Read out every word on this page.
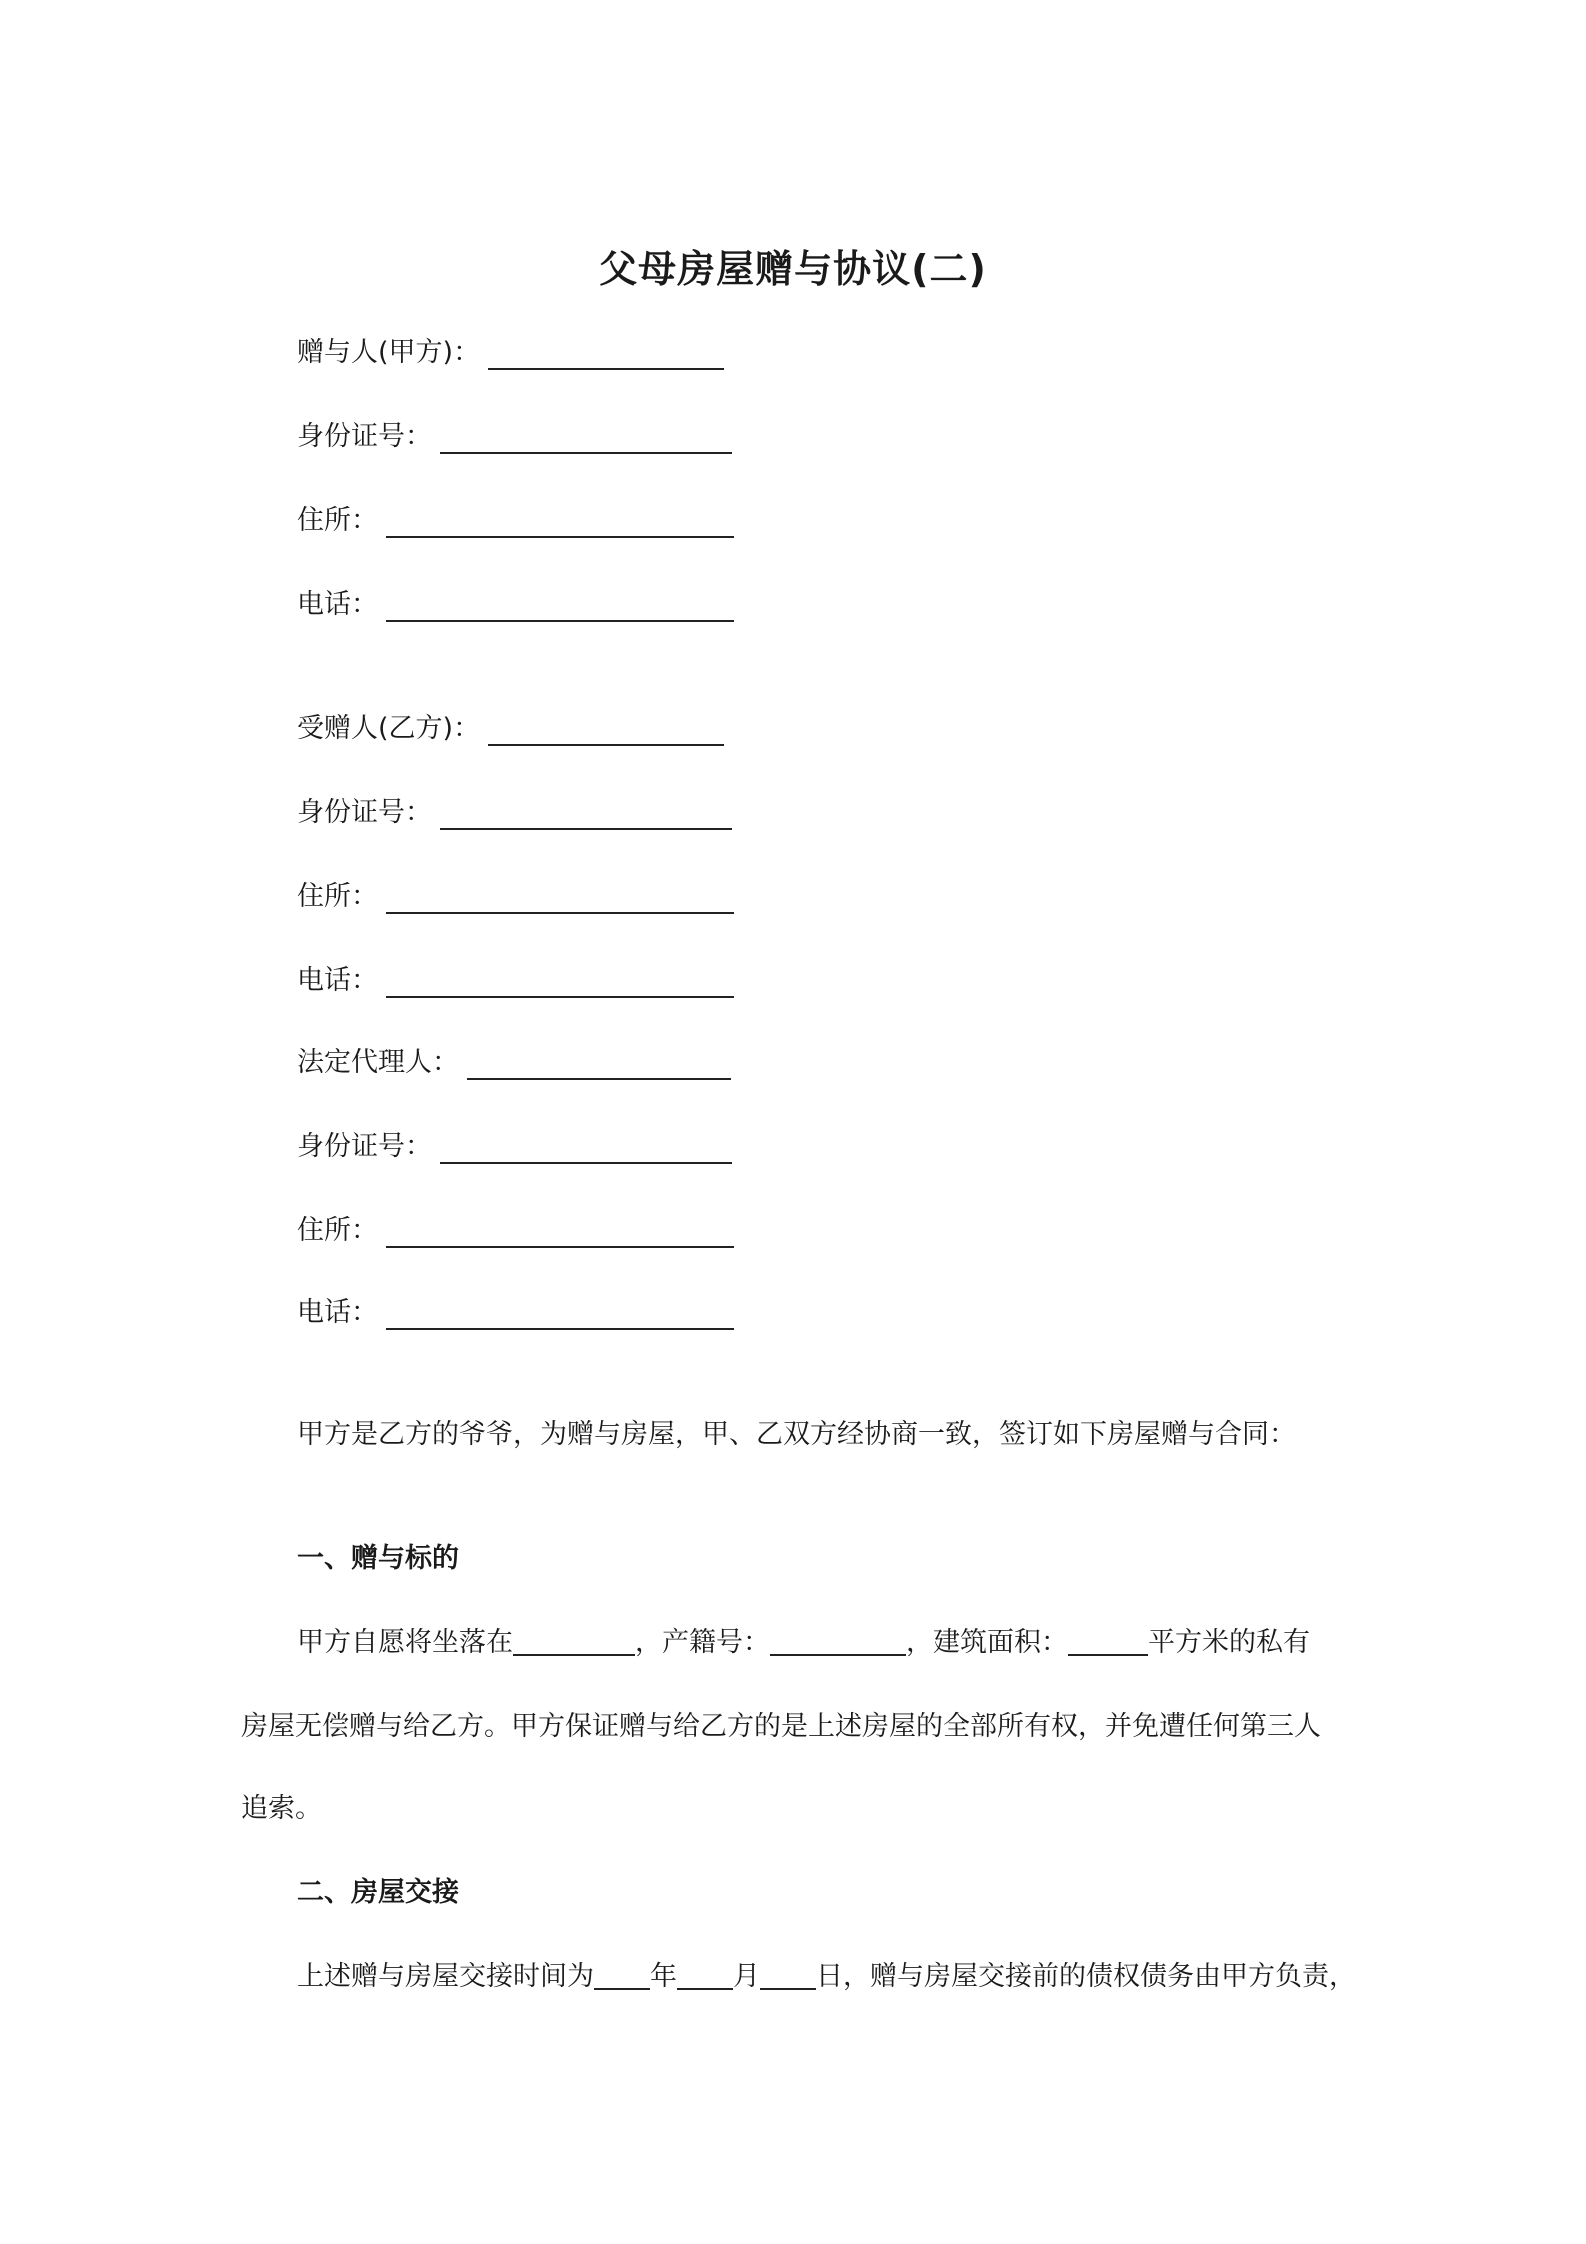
父母房屋赠与协议(二)
赠与人(甲方)：
身份证号：
住所：
电话：
受赠人(乙方)：
身份证号：
住所：
电话：
法定代理人：
身份证号：
住所：
电话：
甲方是乙方的爷爷，为赠与房屋，甲、乙双方经协商一致，签订如下房屋赠与合同：
一、赠与标的
甲方自愿将坐落在	，产籍号：	，建筑面积：	平方米的私有
房屋无偿赠与给乙方。甲方保证赠与给乙方的是上述房屋的全部所有权，并免遭任何第三人
追索。
二、房屋交接
上述赠与房屋交接时间为 年 月 日，赠与房屋交接前的债权债务由甲方负责，
